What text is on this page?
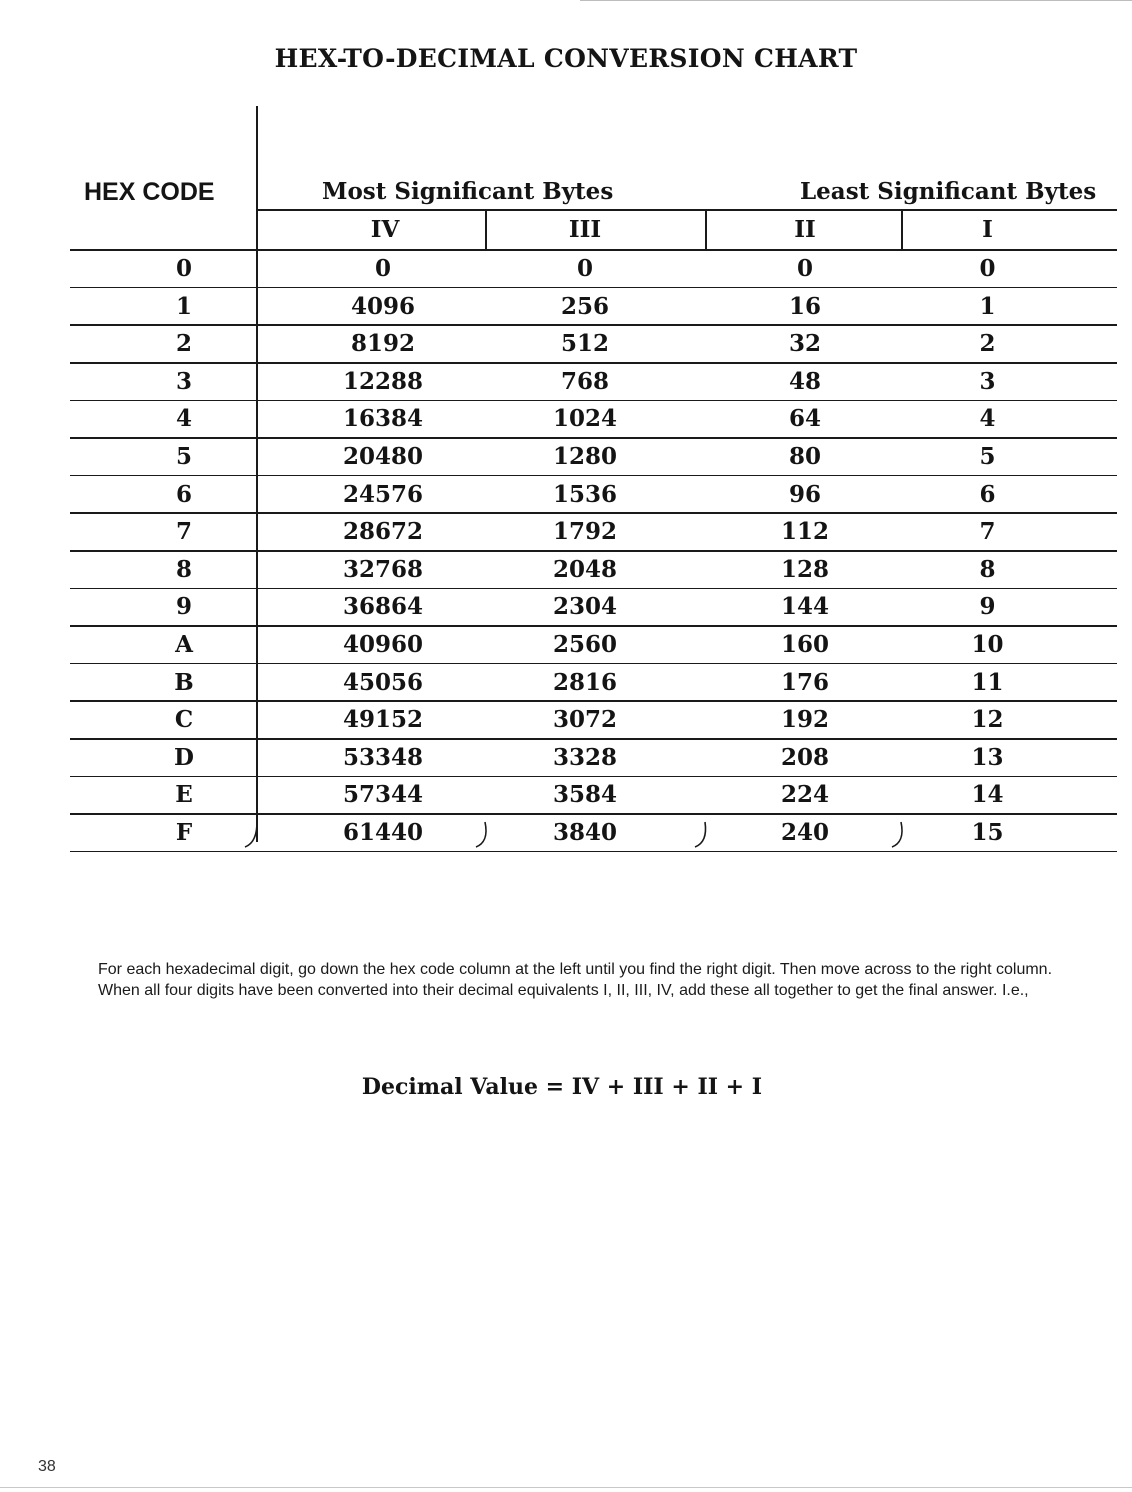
HEX-TO-DECIMAL CONVERSION CHART
HEX CODE	Most Significant Bytes	Least Significant Bytes
IV	III	II	I
0	0	0	0	0
1	4096	256	16	1
2	8192	512	32	2
3	12288	768	48	3
4	16384	1024	64	4
5	20480	1280	80	5
6	24576	1536	96	6
7	28672	1792	112	7
8	32768	2048	128	8
9	36864	2304	144	9
A	40960	2560	160	10
B	45056	2816	176	11
C	49152	3072	192	12
D	53348	3328	208	13
E	57344	3584	224	14
F	61440	3840	240	15
For each hexadecimal digit, go down the hex code column at the left until you find the right digit. Then move across to the right column. When all four digits have been converted into their decimal equivalents I, II, III, IV, add these all together to get the final answer. I.e.,
Decimal Value = IV + III + II + I
38
